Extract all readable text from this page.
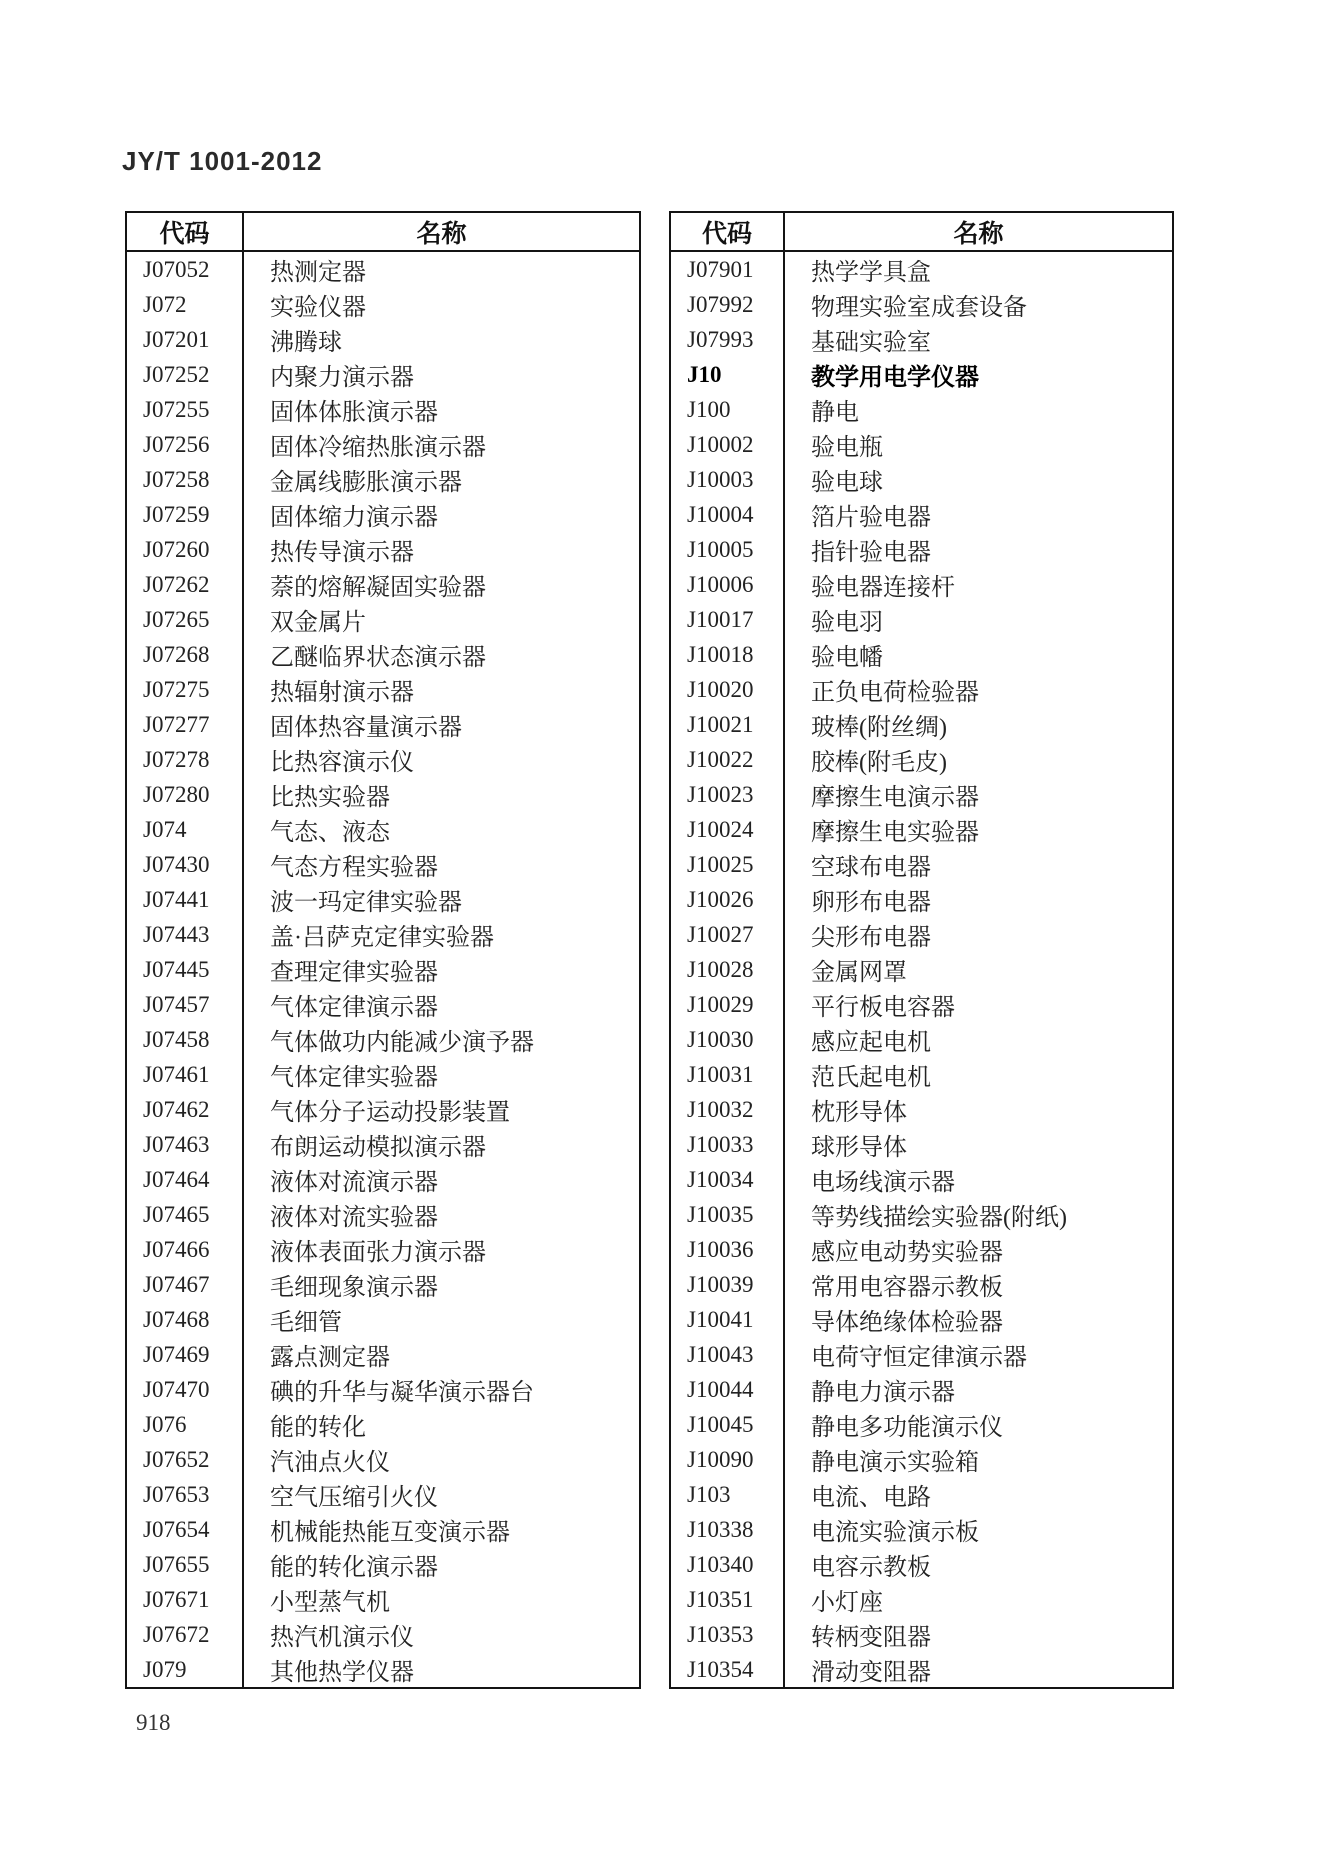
JY/T 1001-2012
代码	名称
J07052	热测定器
J072	实验仪器
J07201	沸腾球
J07252	内聚力演示器
J07255	固体体胀演示器
J07256	固体冷缩热胀演示器
J07258	金属线膨胀演示器
J07259	固体缩力演示器
J07260	热传导演示器
J07262	萘的熔解凝固实验器
J07265	双金属片
J07268	乙醚临界状态演示器
J07275	热辐射演示器
J07277	固体热容量演示器
J07278	比热容演示仪
J07280	比热实验器
J074	气态、液态
J07430	气态方程实验器
J07441	波一玛定律实验器
J07443	盖·吕萨克定律实验器
J07445	查理定律实验器
J07457	气体定律演示器
J07458	气体做功内能减少演予器
J07461	气体定律实验器
J07462	气体分子运动投影装置
J07463	布朗运动模拟演示器
J07464	液体对流演示器
J07465	液体对流实验器
J07466	液体表面张力演示器
J07467	毛细现象演示器
J07468	毛细管
J07469	露点测定器
J07470	碘的升华与凝华演示器台
J076	能的转化
J07652	汽油点火仪
J07653	空气压缩引火仪
J07654	机械能热能互变演示器
J07655	能的转化演示器
J07671	小型蒸气机
J07672	热汽机演示仪
J079	其他热学仪器
代码	名称
J07901	热学学具盒
J07992	物理实验室成套设备
J07993	基础实验室
J10	教学用电学仪器
J100	静电
J10002	验电瓶
J10003	验电球
J10004	箔片验电器
J10005	指针验电器
J10006	验电器连接杆
J10017	验电羽
J10018	验电幡
J10020	正负电荷检验器
J10021	玻棒(附丝绸)
J10022	胶棒(附毛皮)
J10023	摩擦生电演示器
J10024	摩擦生电实验器
J10025	空球布电器
J10026	卵形布电器
J10027	尖形布电器
J10028	金属网罩
J10029	平行板电容器
J10030	感应起电机
J10031	范氏起电机
J10032	枕形导体
J10033	球形导体
J10034	电场线演示器
J10035	等势线描绘实验器(附纸)
J10036	感应电动势实验器
J10039	常用电容器示教板
J10041	导体绝缘体检验器
J10043	电荷守恒定律演示器
J10044	静电力演示器
J10045	静电多功能演示仪
J10090	静电演示实验箱
J103	电流、电路
J10338	电流实验演示板
J10340	电容示教板
J10351	小灯座
J10353	转柄变阻器
J10354	滑动变阻器
918
